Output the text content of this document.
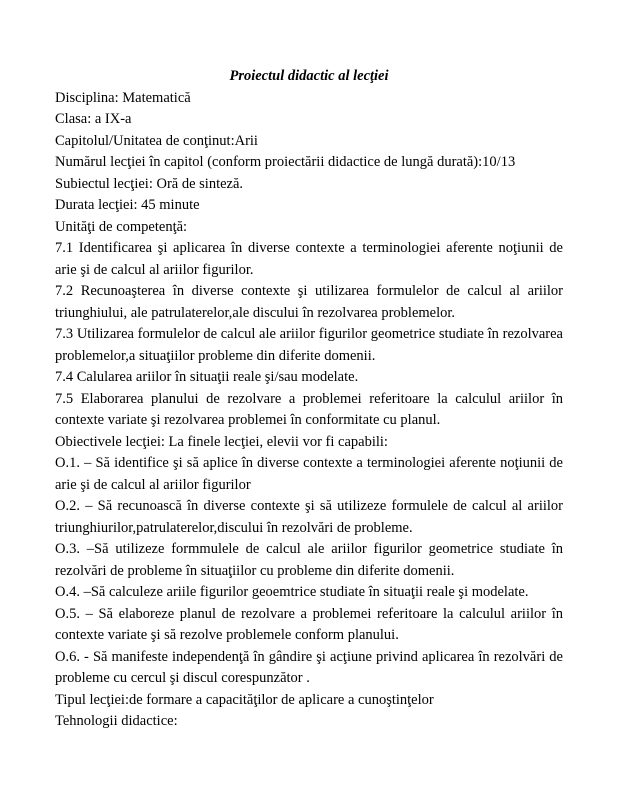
Proiectul didactic al lecţiei

Disciplina: Matematică

Clasa: a IX-a

Capitolul/Unitatea de conţinut:Arii

Numărul lecţiei în capitol (conform proiectării didactice de lungă durată):10/13

Subiectul lecţiei: Oră de sinteză.

Durata lecţiei: 45 minute

Unităţi de competenţă:

7.1 Identificarea şi aplicarea în diverse contexte a terminologiei aferente noţiunii de arie şi de calcul al ariilor figurilor.

7.2 Recunoaşterea în diverse contexte şi utilizarea formulelor de calcul al ariilor triunghiului, ale patrulaterelor,ale discului în rezolvarea problemelor.

7.3 Utilizarea formulelor de calcul ale ariilor figurilor geometrice studiate în rezolvarea problemelor,a situaţiilor probleme din diferite domenii.

7.4 Calularea ariilor în situaţii reale şi/sau modelate.

7.5 Elaborarea planului de rezolvare a problemei referitoare la calculul ariilor în contexte variate şi rezolvarea problemei în conformitate cu planul.

Obiectivele lecţiei: La finele lecţiei, elevii vor fi capabili:

O.1. – Să identifice şi să aplice în diverse contexte a terminologiei aferente noţiunii de arie şi de calcul al ariilor figurilor

O.2. – Să recunoască în diverse contexte şi să utilizeze formulele de calcul al ariilor triunghiurilor,patrulaterelor,discului în rezolvări de probleme.

O.3. –Să utilizeze formmulele de calcul ale ariilor figurilor geometrice studiate în rezolvări de probleme în situaţiilor cu probleme din diferite domenii.

O.4. –Să calculeze ariile figurilor geoemtrice studiate în situaţii reale şi modelate.

O.5. – Să elaboreze planul de rezolvare a problemei referitoare la calculul ariilor în contexte variate şi să rezolve problemele conform planului.

O.6. - Să manifeste independenţă în gândire şi acţiune privind aplicarea în rezolvări de probleme cu cercul şi discul corespunzător .

Tipul lecţiei:de formare a capacităţilor de aplicare a cunoştinţelor

Tehnologii didactice:
